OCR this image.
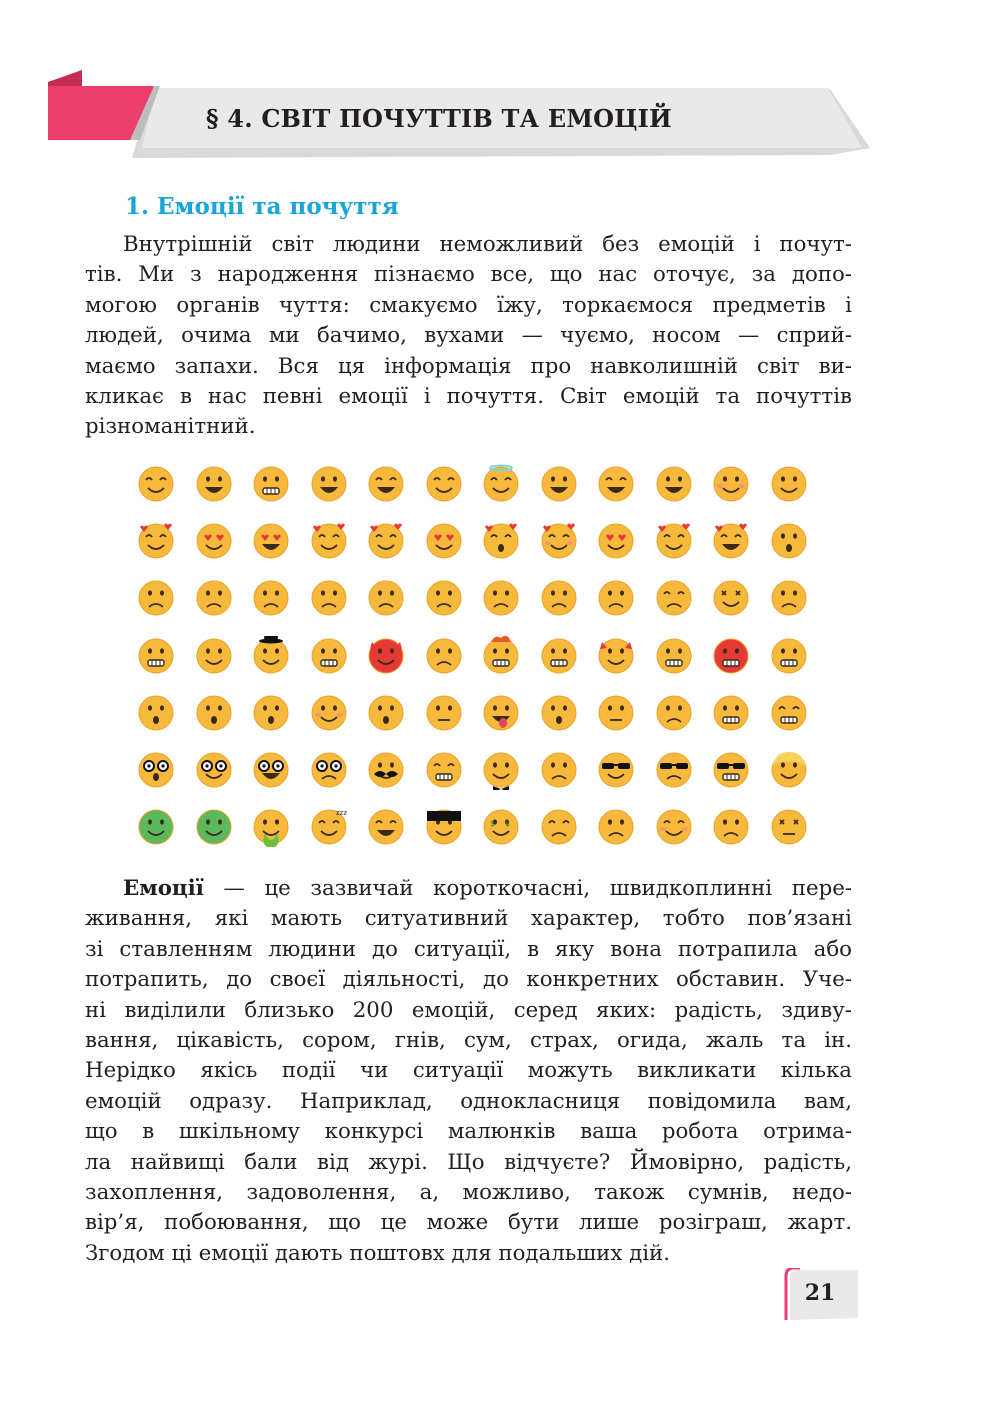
§ 4. СВІТ ПОЧУТТІВ ТА ЕМОЦІЙ
1. Емоції та почуття
Внутрішній світ людини неможливий без емоцій і почут-
тів. Ми з народження пізнаємо все, що нас оточує, за допо-
могою органів чуття: смакуємо їжу, торкаємося предметів і
людей, очима ми бачимо, вухами — чуємо, носом — сприй-
маємо запахи. Вся ця інформація про навколишній світ ви-
кликає в нас певні емоції і почуття. Світ емоцій та почуттів
різноманітний.
zzz
$ $
Емоції — це зазвичай короткочасні, швидкоплинні пере-
живання, які мають ситуативний характер, тобто пов’язані
зі ставленням людини до ситуації, в яку вона потрапила або
потрапить, до своєї діяльності, до конкретних обставин. Уче-
ні виділили близько 200 емоцій, серед яких: радість, здиву-
вання, цікавість, сором, гнів, сум, страх, огида, жаль та ін.
Нерідко якісь події чи ситуації можуть викликати кілька
емоцій одразу. Наприклад, однокласниця повідомила вам,
що в шкільному конкурсі малюнків ваша робота отрима-
ла найвищі бали від журі. Що відчуєте? Ймовірно, радість,
захоплення, задоволення, а, можливо, також сумнів, недо-
вір’я, побоювання, що це може бути лише розіграш, жарт.
Згодом ці емоції дають поштовх для подальших дій.
21
